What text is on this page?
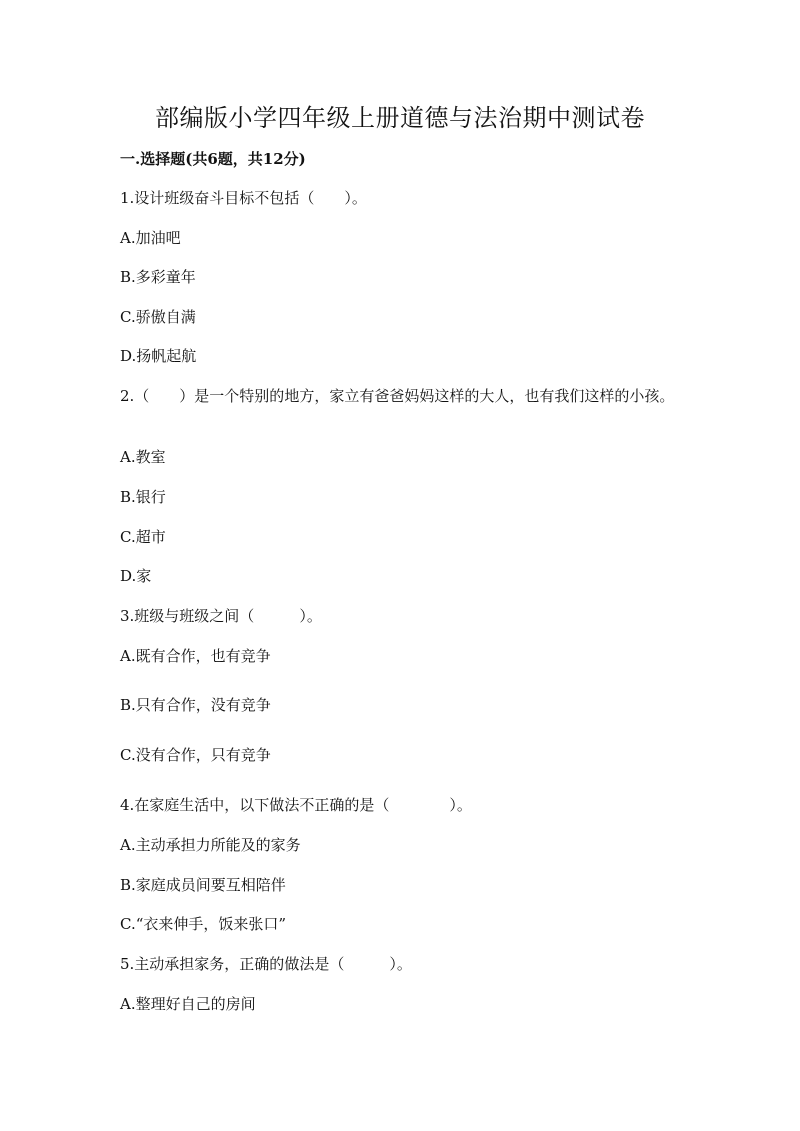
部编版小学四年级上册道德与法治期中测试卷
一.选择题(共6题，共12分)
1.设计班级奋斗目标不包括（　　）。
A.加油吧
B.多彩童年
C.骄傲自满
D.扬帆起航
2.（　　）是一个特别的地方，家立有爸爸妈妈这样的大人，也有我们这样的小孩。
A.教室
B.银行
C.超市
D.家
3.班级与班级之间（　　　）。
A.既有合作，也有竞争
B.只有合作，没有竞争
C.没有合作，只有竞争
4.在家庭生活中，以下做法不正确的是（　　　　）。
A.主动承担力所能及的家务
B.家庭成员间要互相陪伴
C.“衣来伸手，饭来张口”
5.主动承担家务，正确的做法是（　　　）。
A.整理好自己的房间
